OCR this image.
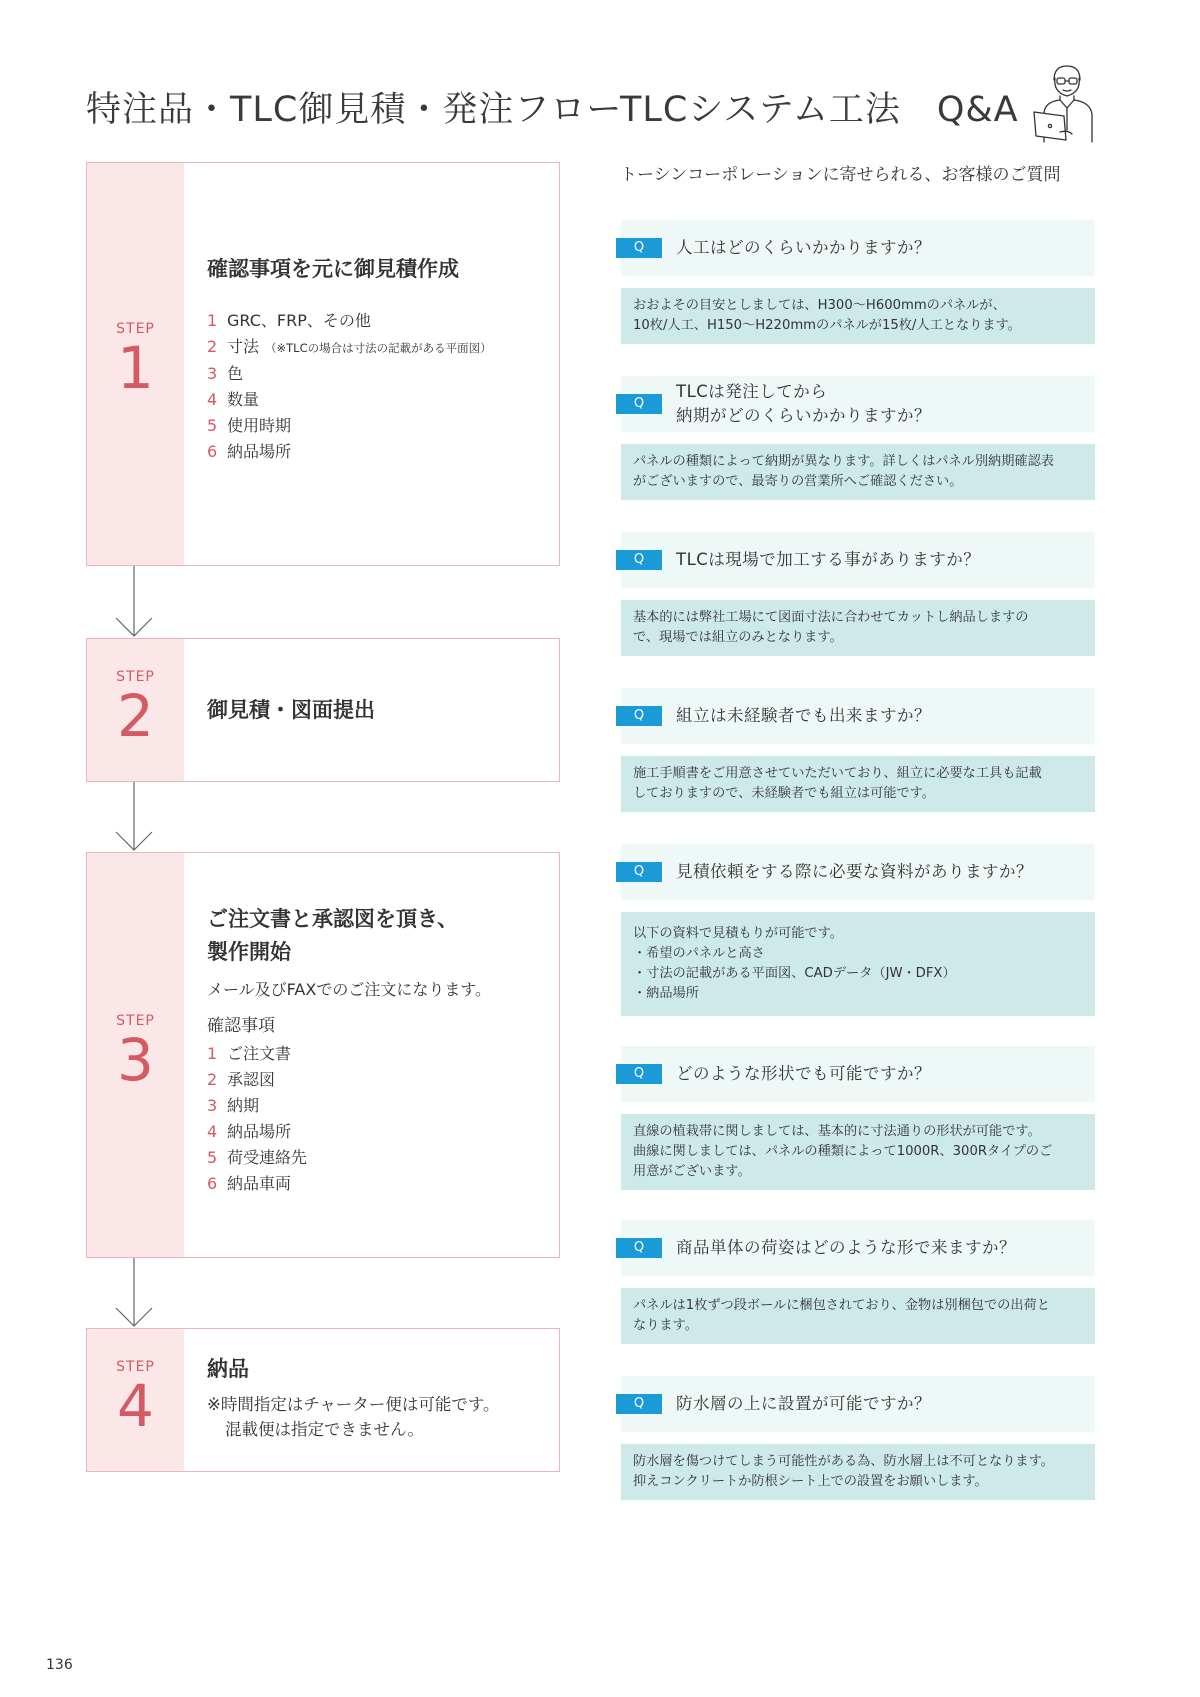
特注品・TLC御見積・発注フロー
STEP
1
確認事項を元に御見積作成
1 GRC、FRP、その他
2 寸法 （※TLCの場合は寸法の記載がある平面図）
3 色
4 数量
5 使用時期
6 納品場所
STEP
2	御見積・図面提出
STEP
3
ご注文書と承認図を頂き、
製作開始
メール及びFAXでのご注文になります。
確認事項
1 ご注文書
2 承認図
3 納期
4 納品場所
5 荷受連絡先
6 納品車両
STEP
4
納品
※時間指定はチャーター便は可能です。
混載便は指定できません。
TLCシステム工法　Q&A

トーシンコーポレーションに寄せられる、お客様のご質問

Q	人工はどのくらいかかりますか？
おおよその目安としましては、H300〜H600mmのパネルが、
10枚/人工、H150〜H220mmのパネルが15枚/人工となります。
Q
TLCは発注してから
納期がどのくらいかかりますか？
パネルの種類によって納期が異なります。詳しくはパネル別納期確認表
がございますので、最寄りの営業所へご確認ください。
Q	TLCは現場で加工する事がありますか？
基本的には弊社工場にて図面寸法に合わせてカットし納品しますの
で、現場では組立のみとなります。
Q	組立は未経験者でも出来ますか？
施工手順書をご用意させていただいており、組立に必要な工具も記載
しておりますので、未経験者でも組立は可能です。
Q	見積依頼をする際に必要な資料がありますか？
以下の資料で見積もりが可能です。
・希望のパネルと高さ
・寸法の記載がある平面図、CADデータ（JW・DFX）
・納品場所
Q	どのような形状でも可能ですか？
直線の植栽帯に関しましては、基本的に寸法通りの形状が可能です。
曲線に関しましては、パネルの種類によって1000R、300Rタイプのご
用意がございます。
Q	商品単体の荷姿はどのような形で来ますか？
パネルは1枚ずつ段ボールに梱包されており、金物は別梱包での出荷と
なります。
Q	防水層の上に設置が可能ですか？
防水層を傷つけてしまう可能性がある為、防水層上は不可となります。
抑えコンクリートか防根シート上での設置をお願いします。
136
